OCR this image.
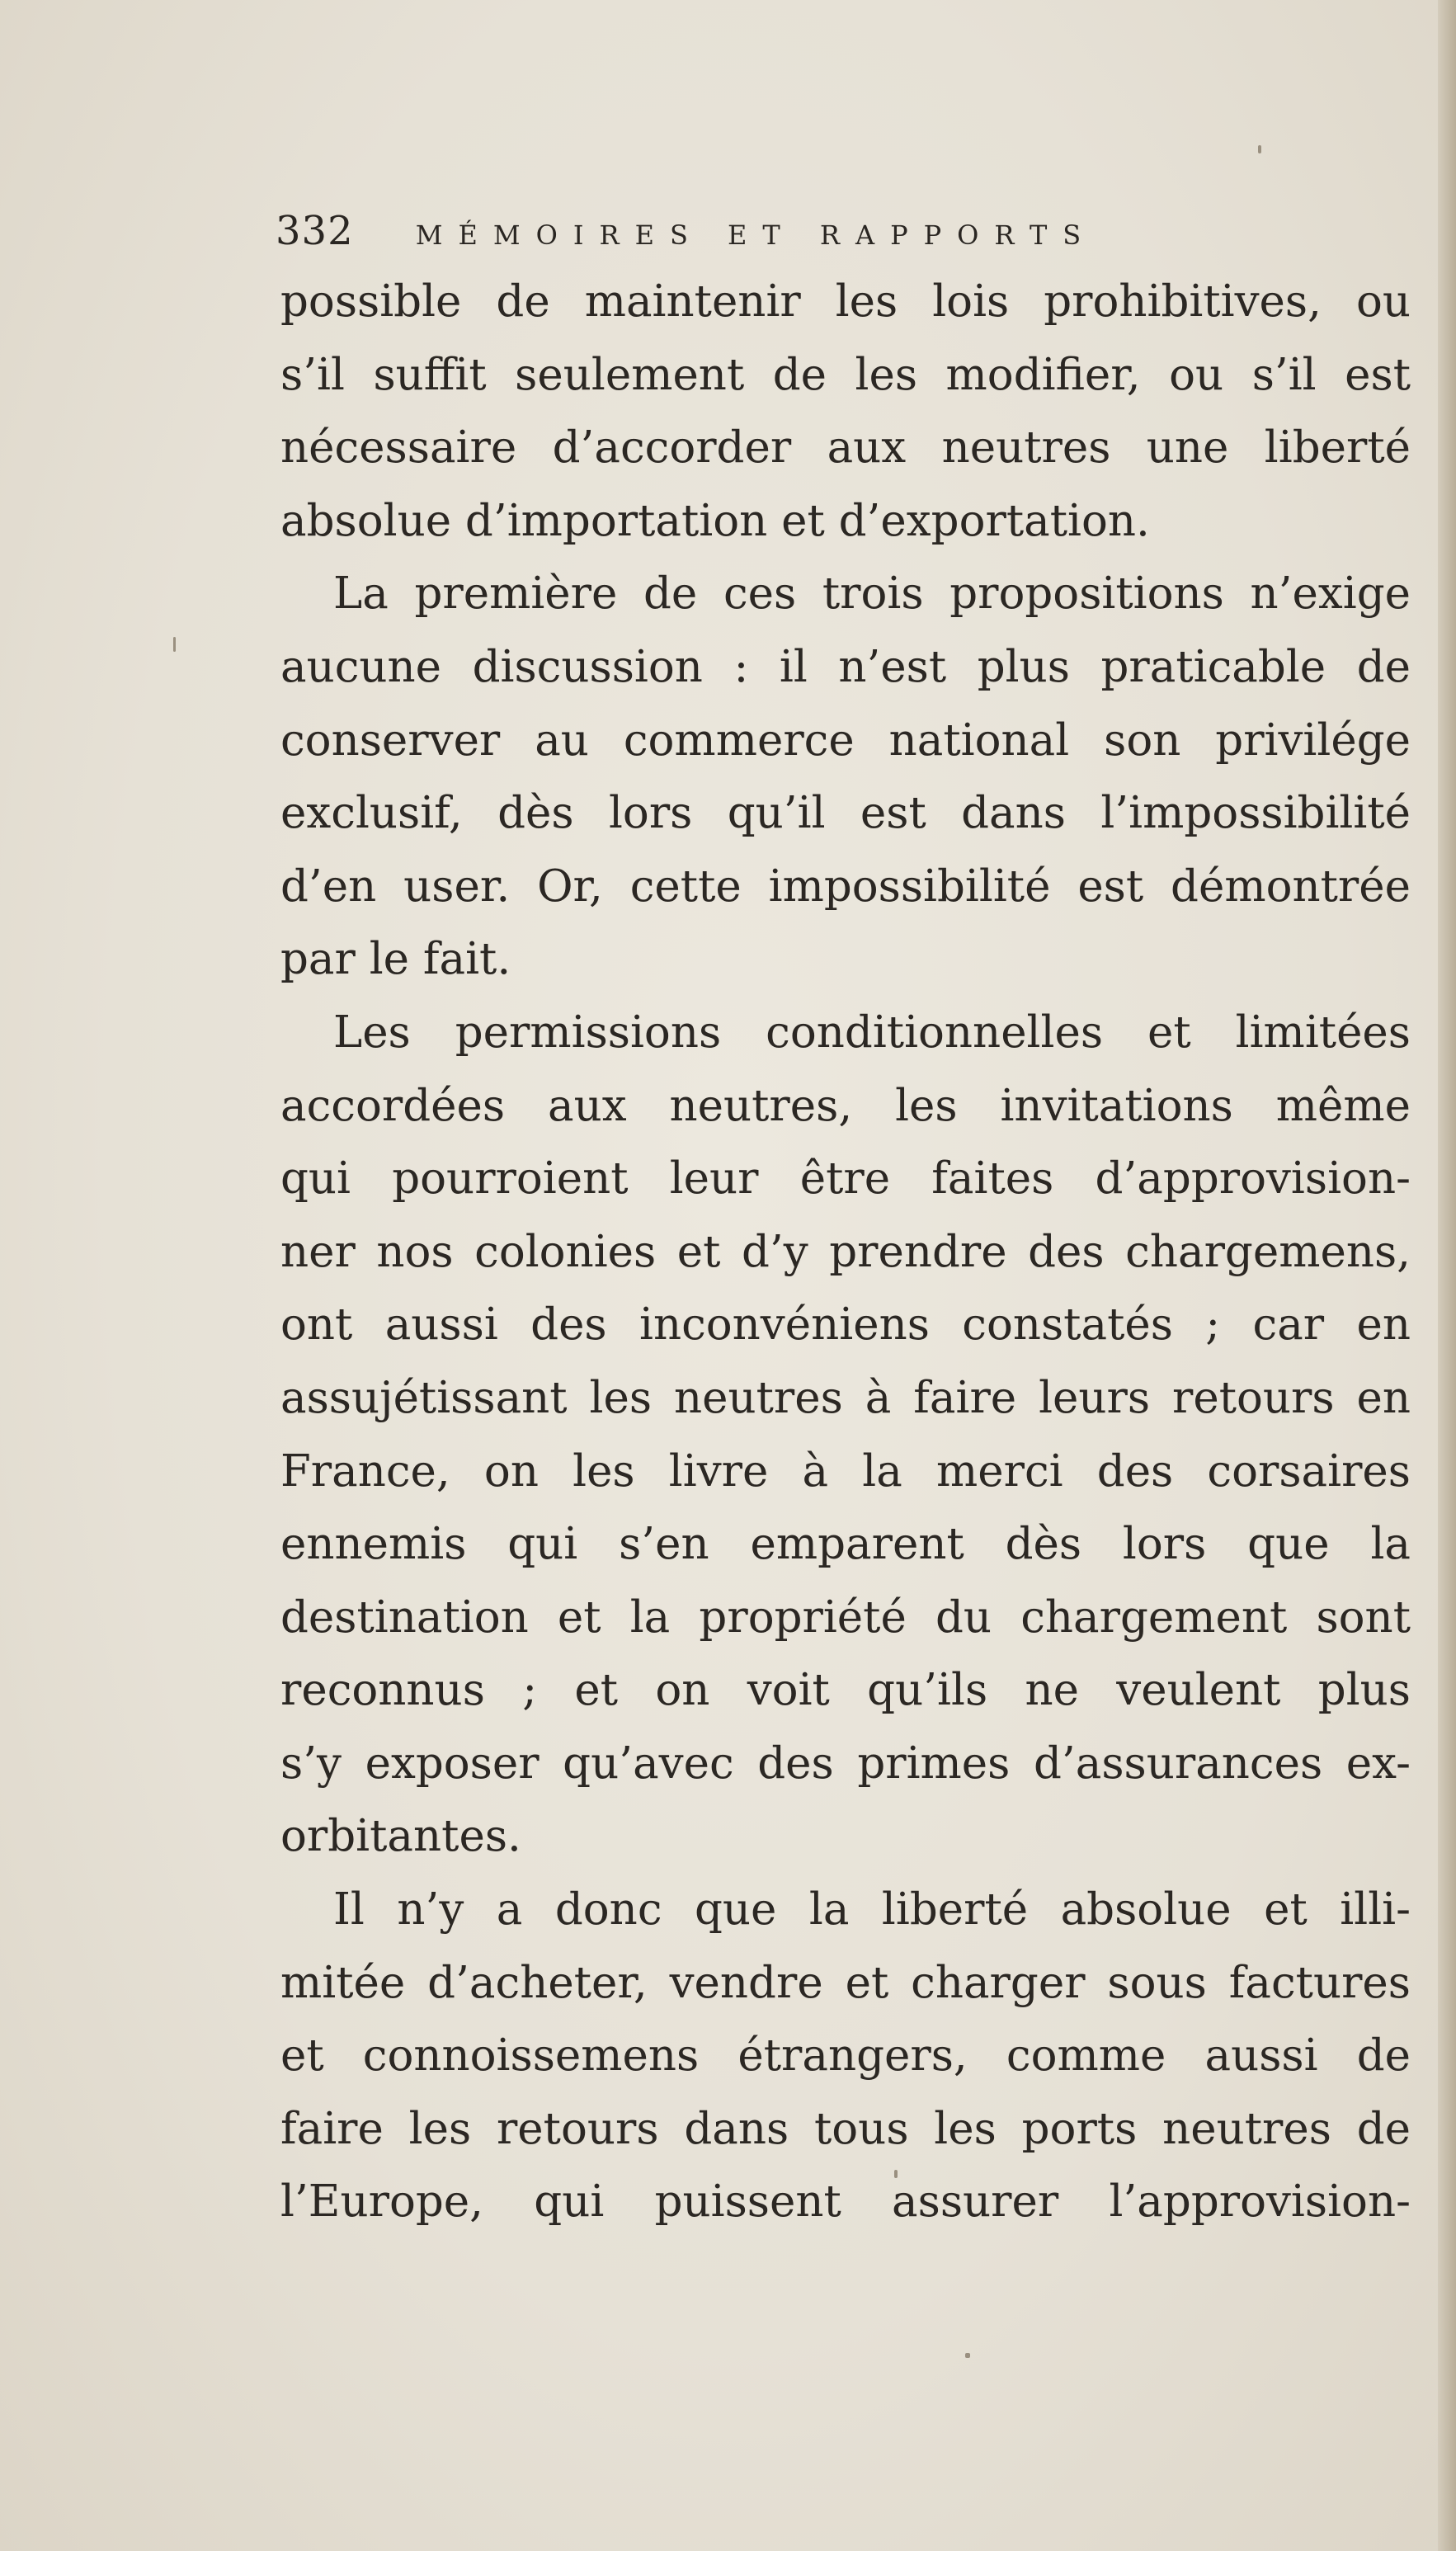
332 MÉMOIRES ET RAPPORTS
possible de maintenir les lois prohibitives, ou
s’il suffit seulement de les modifier, ou s’il est
nécessaire d’accorder aux neutres une liberté
absolue d’importation et d’exportation.
La première de ces trois propositions n’exige
aucune discussion : il n’est plus praticable de
conserver au commerce national son privilége
exclusif, dès lors qu’il est dans l’impossibilité
d’en user. Or, cette impossibilité est démontrée
par le fait.
Les permissions conditionnelles et limitées
accordées aux neutres, les invitations même
qui pourroient leur être faites d’approvision-
ner nos colonies et d’y prendre des chargemens,
ont aussi des inconvéniens constatés ; car en
assujétissant les neutres à faire leurs retours en
France, on les livre à la merci des corsaires
ennemis qui s’en emparent dès lors que la
destination et la propriété du chargement sont
reconnus ; et on voit qu’ils ne veulent plus
s’y exposer qu’avec des primes d’assurances ex-
orbitantes.
Il n’y a donc que la liberté absolue et illi-
mitée d’acheter, vendre et charger sous factures
et connoissemens étrangers, comme aussi de
faire les retours dans tous les ports neutres de
l’Europe, qui puissent assurer l’approvision-
